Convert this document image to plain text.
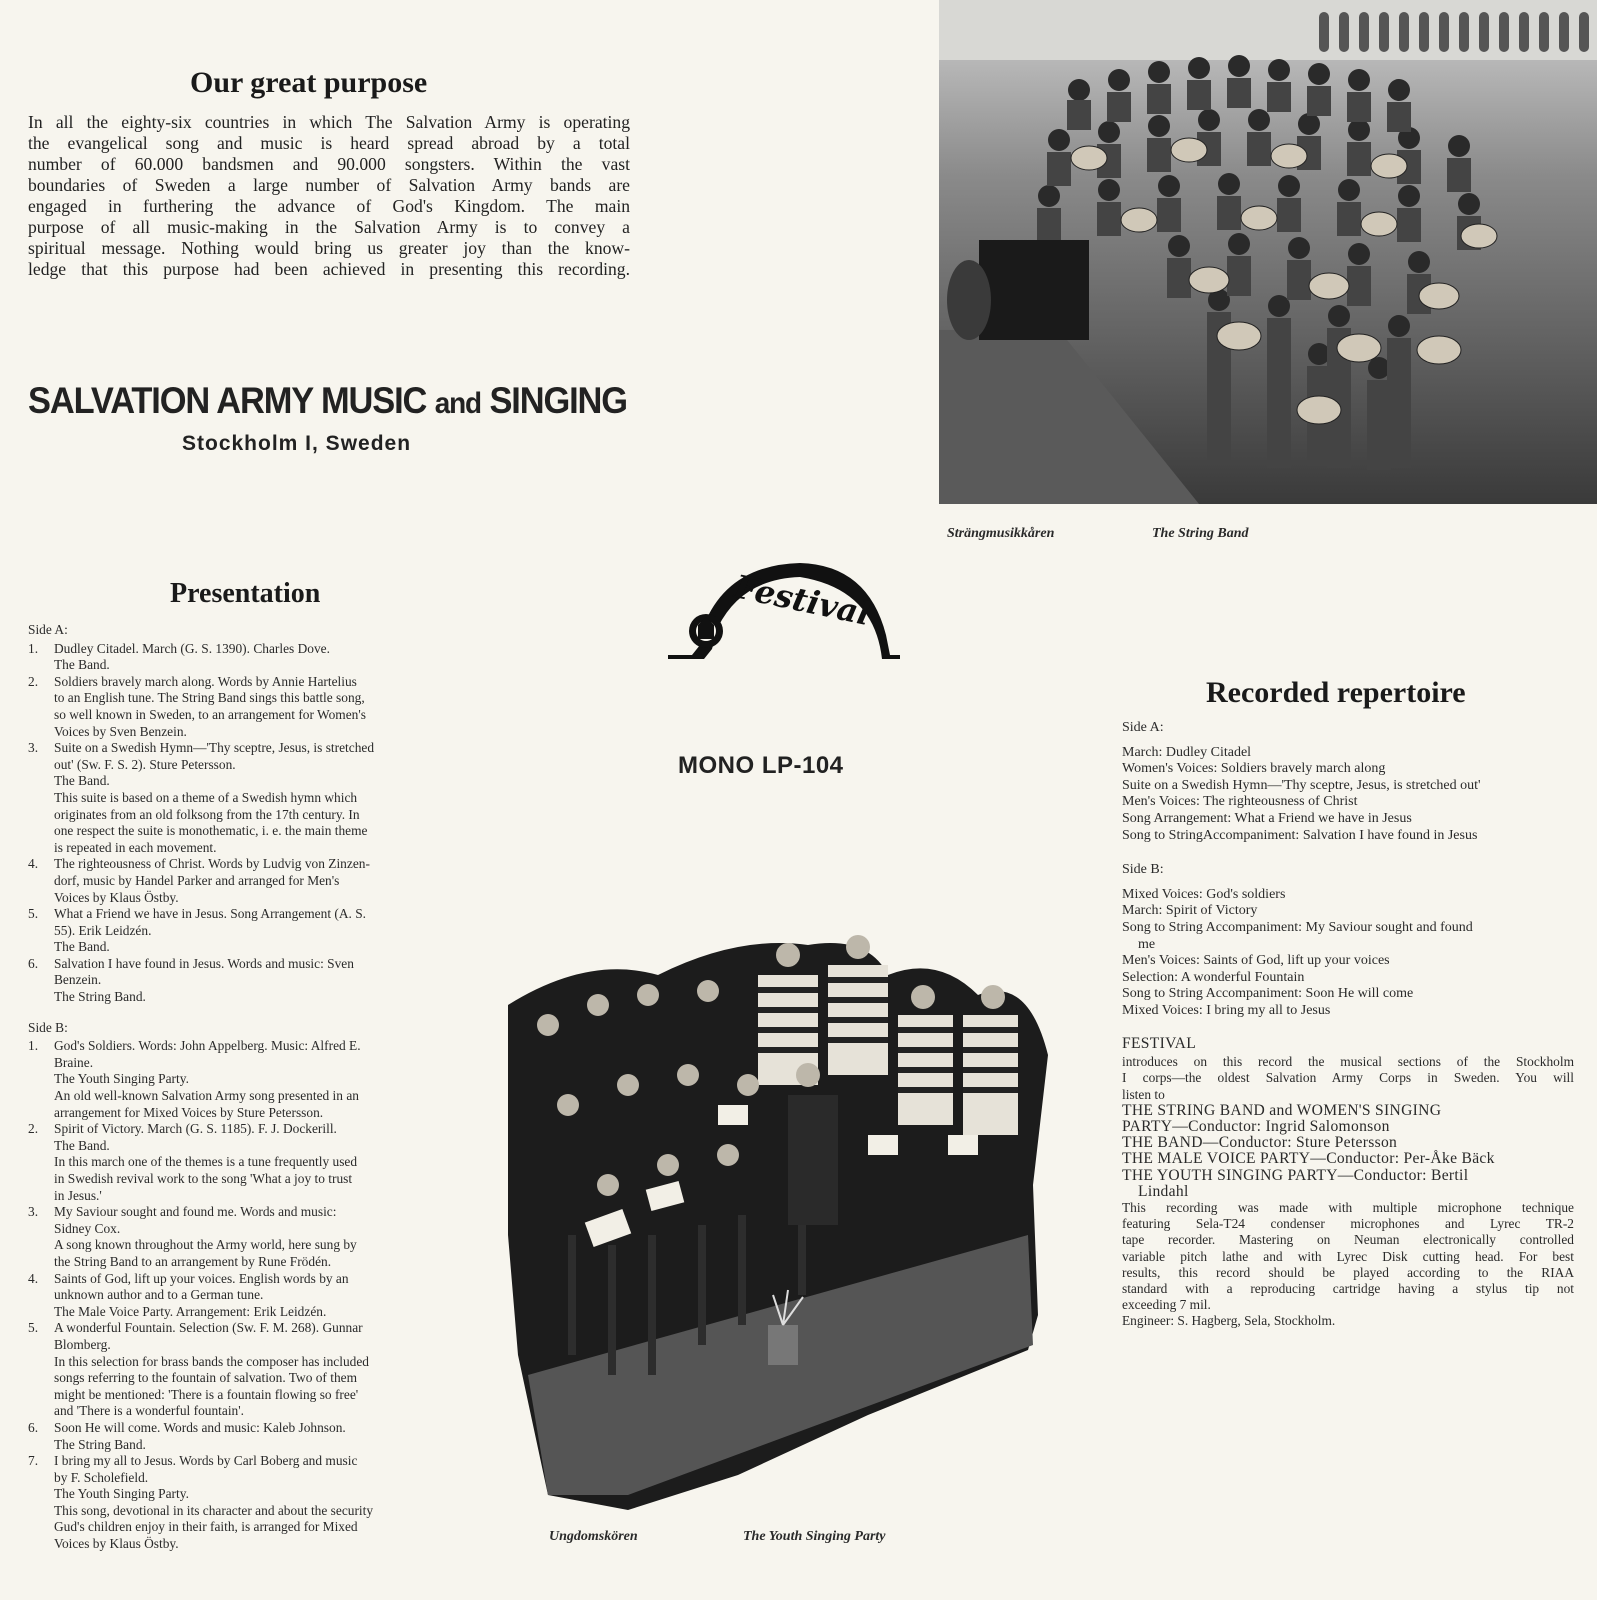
Our great purpose
In all the eighty-six countries in which The Salvation Army is operating
the evangelical song and music is heard spread abroad by a total
number of 60.000 bandsmen and 90.000 songsters. Within the vast
boundaries of Sweden a large number of Salvation Army bands are
engaged in furthering the advance of God's Kingdom. The main
purpose of all music-making in the Salvation Army is to convey a
spiritual message. Nothing would bring us greater joy than the know-
ledge that this purpose had been achieved in presenting this recording.
SALVATION ARMY MUSIC and SINGING
Stockholm I, Sweden
Strängmusikkåren	The String Band
Presentation
Side A:
1.	Dudley Citadel. March (G. S. 1390). Charles Dove.
The Band.
2.	Soldiers bravely march along. Words by Annie Hartelius
to an English tune. The String Band sings this battle song,
so well known in Sweden, to an arrangement for Women's
Voices by Sven Benzein.
3.	Suite on a Swedish Hymn—'Thy sceptre, Jesus, is stretched
out' (Sw. F. S. 2). Sture Petersson.
The Band.
This suite is based on a theme of a Swedish hymn which
originates from an old folksong from the 17th century. In
one respect the suite is monothematic, i. e. the main theme
is repeated in each movement.
4.	The righteousness of Christ. Words by Ludvig von Zinzen-
dorf, music by Handel Parker and arranged for Men's
Voices by Klaus Östby.
5.	What a Friend we have in Jesus. Song Arrangement (A. S.
55). Erik Leidzén.
The Band.
6.	Salvation I have found in Jesus. Words and music: Sven
Benzein.
The String Band.
Side B:
1.	God's Soldiers. Words: John Appelberg. Music: Alfred E.
Braine.
The Youth Singing Party.
An old well-known Salvation Army song presented in an
arrangement for Mixed Voices by Sture Petersson.
2.	Spirit of Victory. March (G. S. 1185). F. J. Dockerill.
The Band.
In this march one of the themes is a tune frequently used
in Swedish revival work to the song 'What a joy to trust
in Jesus.'
3.	My Saviour sought and found me. Words and music:
Sidney Cox.
A song known throughout the Army world, here sung by
the String Band to an arrangement by Rune Frödén.
4.	Saints of God, lift up your voices. English words by an
unknown author and to a German tune.
The Male Voice Party. Arrangement: Erik Leidzén.
5.	A wonderful Fountain. Selection (Sw. F. M. 268). Gunnar
Blomberg.
In this selection for brass bands the composer has included
songs referring to the fountain of salvation. Two of them
might be mentioned: 'There is a fountain flowing so free'
and 'There is a wonderful fountain'.
6.	Soon He will come. Words and music: Kaleb Johnson.
The String Band.
7.	I bring my all to Jesus. Words by Carl Boberg and music
by F. Scholefield.
The Youth Singing Party.
This song, devotional in its character and about the security
Gud's children enjoy in their faith, is arranged for Mixed
Voices by Klaus Östby.
Festival
MONO LP-104
Ungdomskören	The Youth Singing Party
Recorded repertoire
Side A:
March: Dudley Citadel
Women's Voices: Soldiers bravely march along
Suite on a Swedish Hymn—'Thy sceptre, Jesus, is stretched out'
Men's Voices: The righteousness of Christ
Song Arrangement: What a Friend we have in Jesus
Song to StringAccompaniment: Salvation I have found in Jesus
Side B:
Mixed Voices: God's soldiers
March: Spirit of Victory
Song to String Accompaniment: My Saviour sought and found
me
Men's Voices: Saints of God, lift up your voices
Selection: A wonderful Fountain
Song to String Accompaniment: Soon He will come
Mixed Voices: I bring my all to Jesus
FESTIVAL
introduces on this record the musical sections of the Stockholm
I corps—the oldest Salvation Army Corps in Sweden. You will
listen to
THE STRING BAND and WOMEN'S SINGING
PARTY—Conductor: Ingrid Salomonson
THE BAND—Conductor: Sture Petersson
THE MALE VOICE PARTY—Conductor: Per-Åke Bäck
THE YOUTH SINGING PARTY—Conductor: Bertil
Lindahl
This recording was made with multiple microphone technique
featuring Sela-T24 condenser microphones and Lyrec TR-2
tape recorder. Mastering on Neuman electronically controlled
variable pitch lathe and with Lyrec Disk cutting head. For best
results, this record should be played according to the RIAA
standard with a reproducing cartridge having a stylus tip not
exceeding 7 mil.
Engineer: S. Hagberg, Sela, Stockholm.
